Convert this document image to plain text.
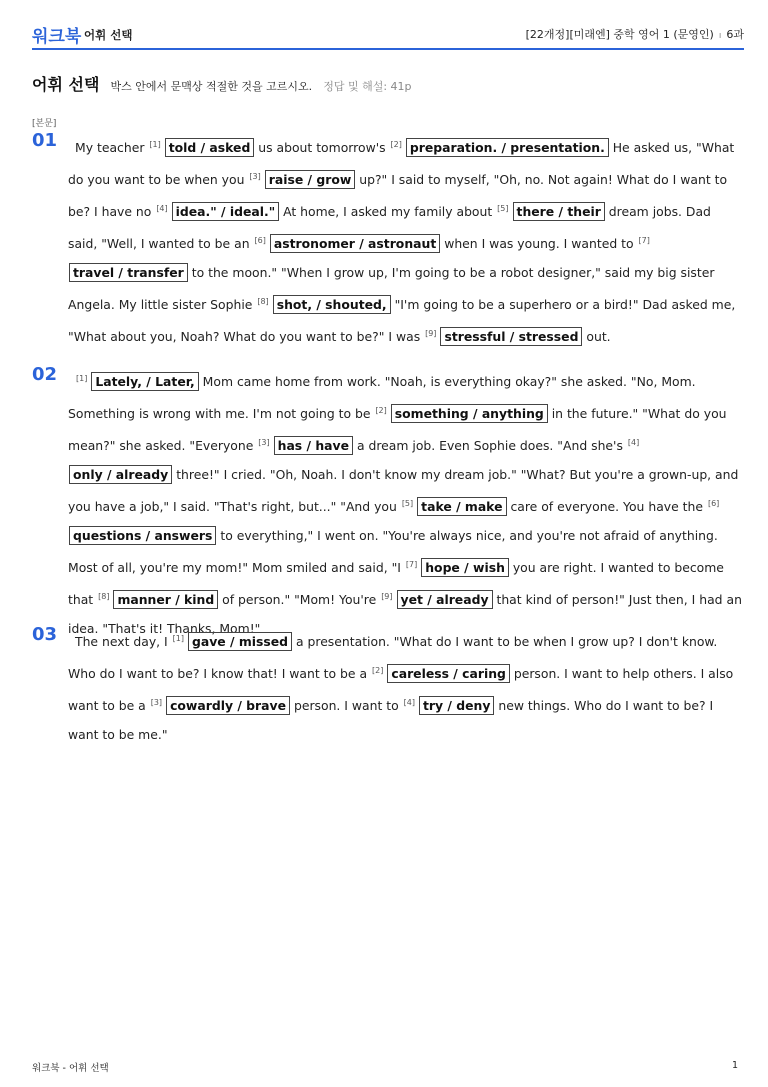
워크북 어휘 선택	[22개정][미래엔] 중학 영어 1 (문영인) ı 6과
어휘 선택 박스 안에서 문맥상 적절한 것을 고르시오. 정답 및 해설: 41p
[본문]
01	My teacher [1] told / asked us about tomorrow's [2] preparation. / presentation. He asked us, "What do you want to be when you [3] raise / grow up?" I said to myself, "Oh, no. Not again! What do I want to be? I have no [4] idea." / ideal." At home, I asked my family about [5] there / their dream jobs. Dad said, "Well, I wanted to be an [6] astronomer / astronaut when I was young. I wanted to [7]travel / transfer to the moon." "When I grow up, I'm going to be a robot designer," said my big sister Angela. My little sister Sophie [8] shot, / shouted, "I'm going to be a superhero or a bird!" Dad asked me, "What about you, Noah? What do you want to be?" I was [9] stressful / stressed out.
02	[1] Lately, / Later, Mom came home from work. "Noah, is everything okay?" she asked. "No, Mom. Something is wrong with me. I'm not going to be [2] something / anything in the future." "What do you mean?" she asked. "Everyone [3] has / have a dream job. Even Sophie does. "And she's [4]only / already three!" I cried. "Oh, Noah. I don't know my dream job." "What? But you're a grown-up, and you have a job," I said. "That's right, but..." "And you [5] take / make care of everyone. You have the [6]questions / answers to everything," I went on. "You're always nice, and you're not afraid of anything. Most of all, you're my mom!" Mom smiled and said, "I [7] hope / wish you are right. I wanted to become that [8] manner / kind of person." "Mom! You're [9] yet / already that kind of person!" Just then, I had an idea. "That's it! Thanks, Mom!"
03	The next day, I [1] gave / missed a presentation. "What do I want to be when I grow up? I don't know. Who do I want to be? I know that! I want to be a [2] careless / caring person. I want to help others. I also want to be a [3] cowardly / brave person. I want to [4] try / deny new things. Who do I want to be? I want to be me."
워크북 - 어휘 선택	1
